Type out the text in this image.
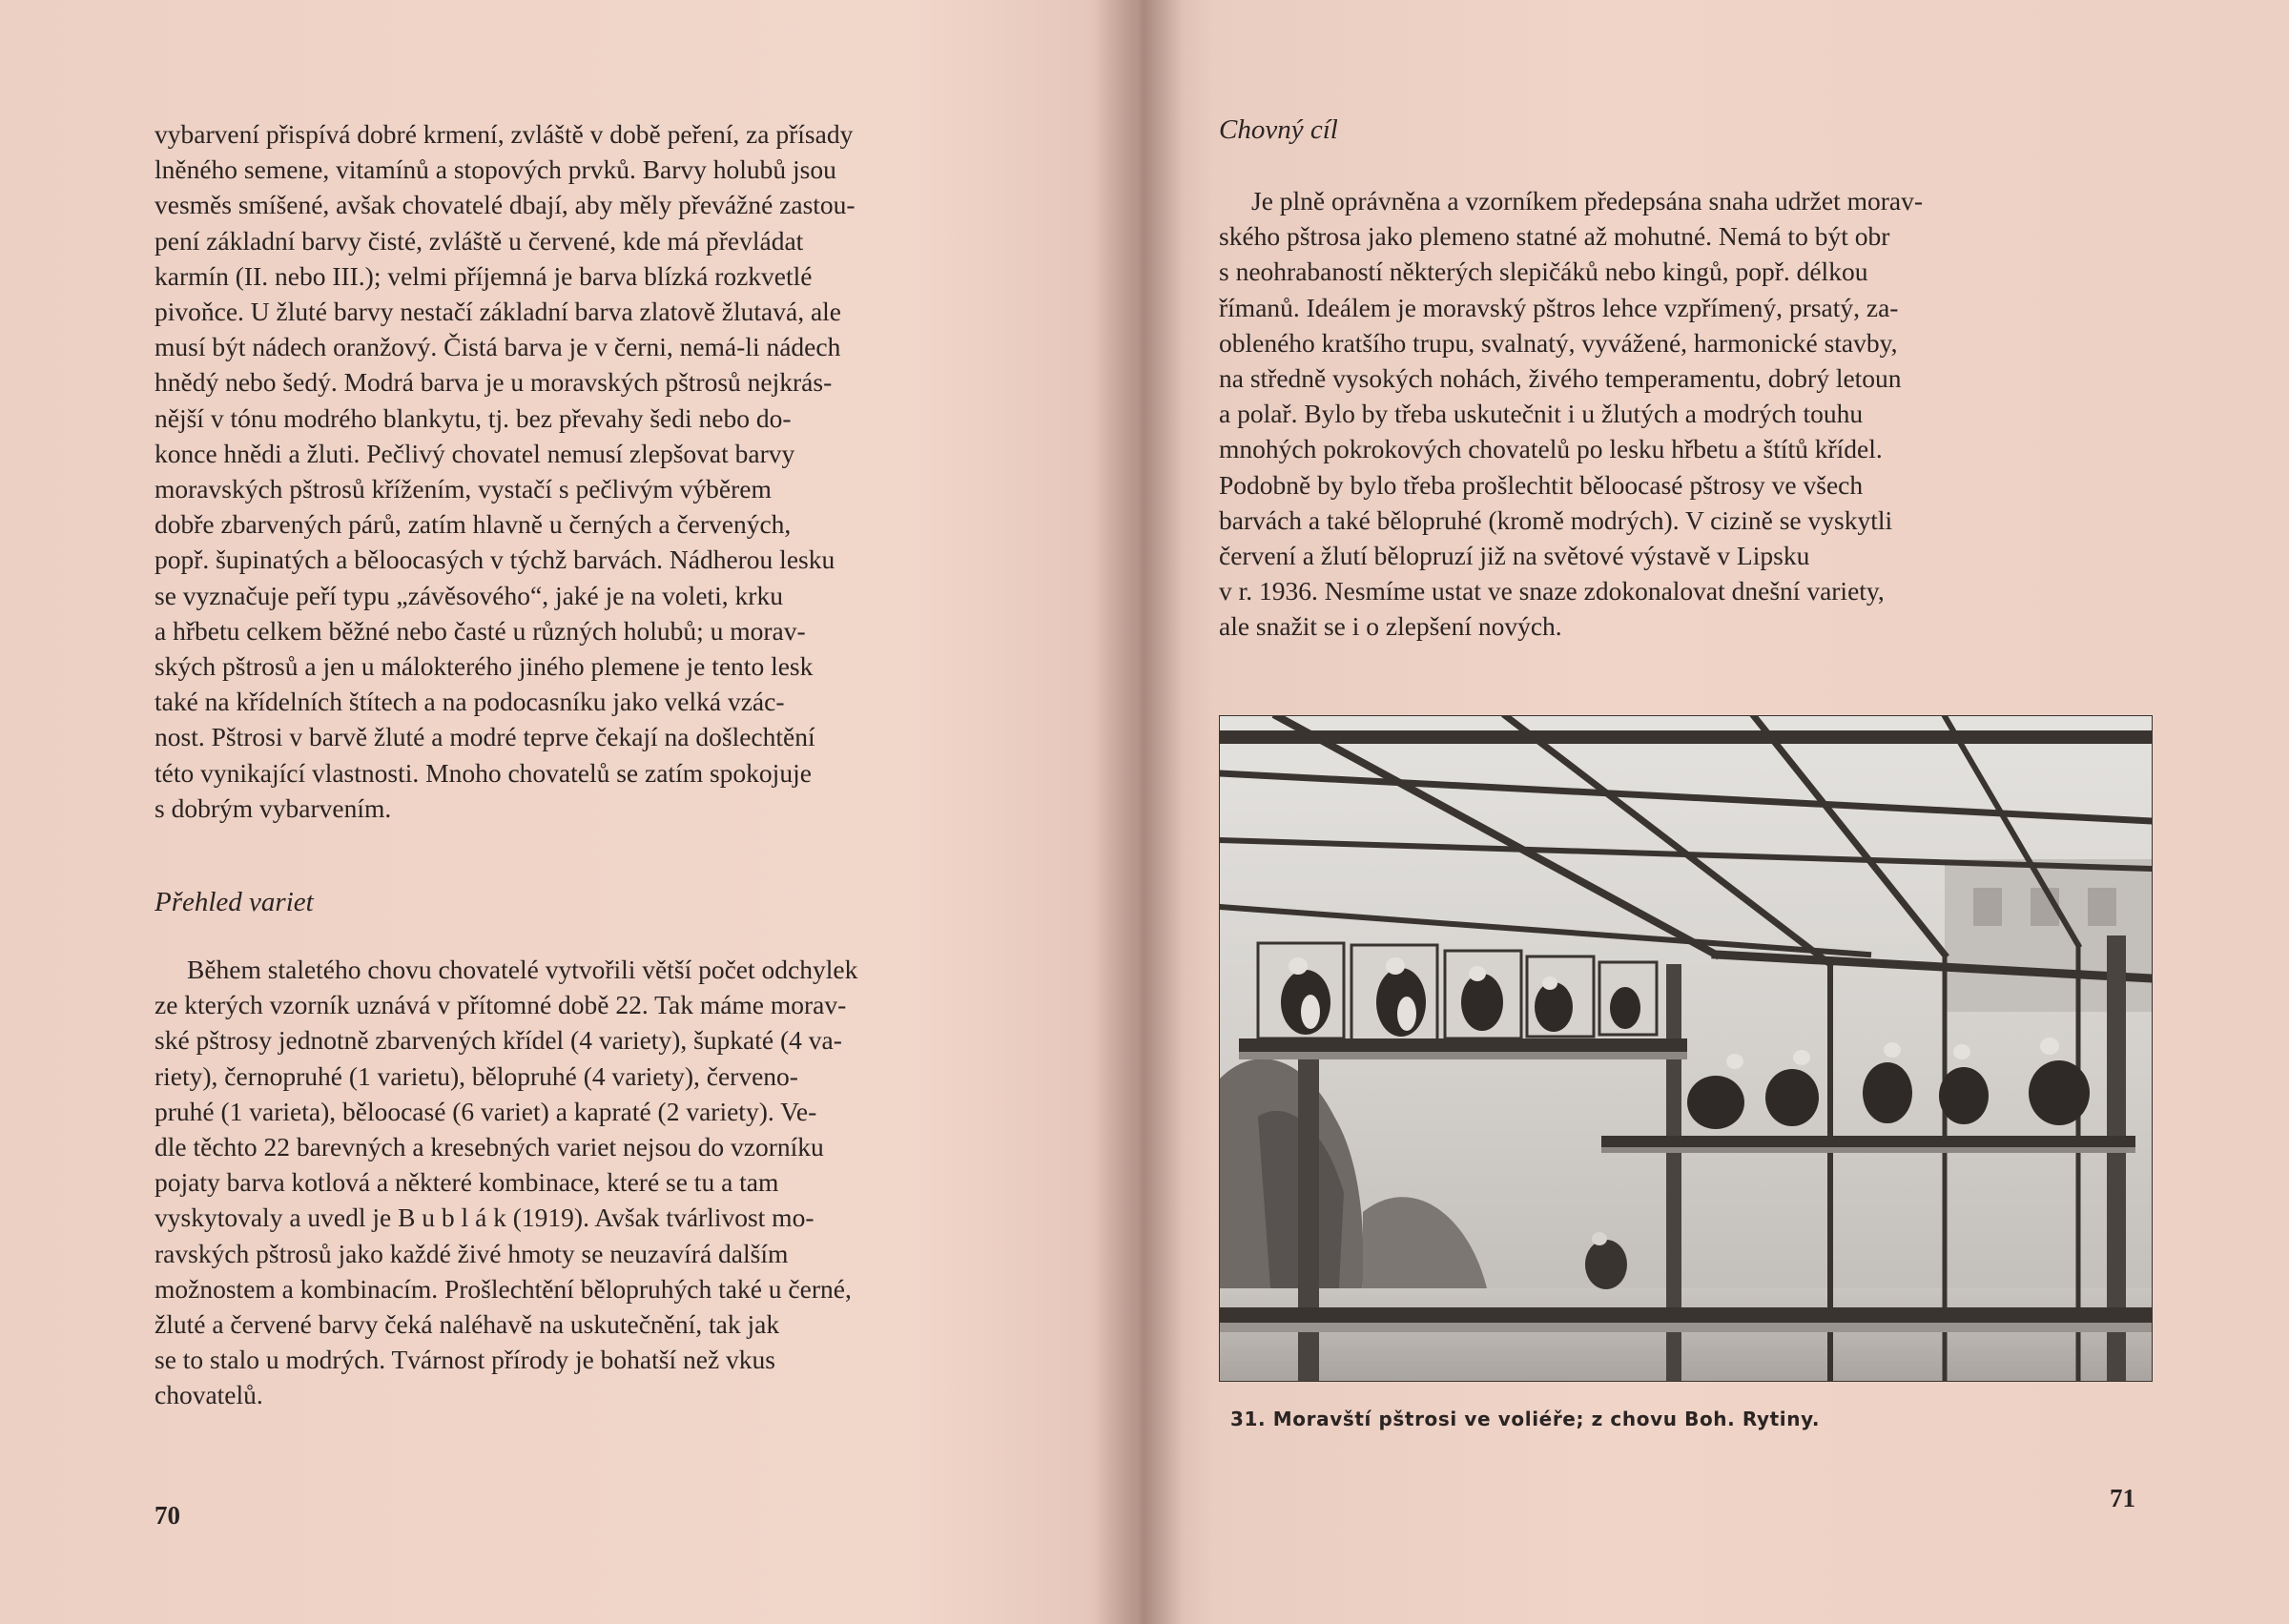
vybarvení přispívá dobré krmení, zvláště v době peření, za přísady

lněného semene, vitamínů a stopových prvků. Barvy holubů jsou

vesměs smíšené, avšak chovatelé dbají, aby měly převážné zastou-

pení základní barvy čisté, zvláště u červené, kde má převládat

karmín (II. nebo III.); velmi příjemná je barva blízká rozkvetlé

pivoňce. U žluté barvy nestačí základní barva zlatově žlutavá, ale

musí být nádech oranžový. Čistá barva je v černi, nemá-li nádech

hnědý nebo šedý. Modrá barva je u moravských pštrosů nejkrás-

nější v tónu modrého blankytu, tj. bez převahy šedi nebo do-

konce hnědi a žluti. Pečlivý chovatel nemusí zlepšovat barvy

moravských pštrosů křížením, vystačí s pečlivým výběrem

dobře zbarvených párů, zatím hlavně u černých a červených,

popř. šupinatých a běloocasých v týchž barvách. Nádherou lesku

se vyznačuje peří typu „závěsového“, jaké je na voleti, krku

a hřbetu celkem běžné nebo časté u různých holubů; u morav-

ských pštrosů a jen u málokterého jiného plemene je tento lesk

také na křídelních štítech a na podocasníku jako velká vzác-

nost. Pštrosi v barvě žluté a modré teprve čekají na došlechtění

této vynikající vlastnosti. Mnoho chovatelů se zatím spokojuje

s dobrým vybarvením.

Přehled variet

Během staletého chovu chovatelé vytvořili větší počet odchylek

ze kterých vzorník uznává v přítomné době 22. Tak máme morav-

ské pštrosy jednotně zbarvených křídel (4 variety), šupkaté (4 va-

riety), černopruhé (1 varietu), bělopruhé (4 variety), červeno-

pruhé (1 varieta), běloocasé (6 variet) a kapraté (2 variety). Ve-

dle těchto 22 barevných a kresebných variet nejsou do vzorníku

pojaty barva kotlová a některé kombinace, které se tu a tam

vyskytovaly a uvedl je B u b l á k (1919). Avšak tvárlivost mo-

ravských pštrosů jako každé živé hmoty se neuzavírá dalším

možnostem a kombinacím. Prošlechtění bělopruhých také u černé,

žluté a červené barvy čeká naléhavě na uskutečnění, tak jak

se to stalo u modrých. Tvárnost přírody je bohatší než vkus

chovatelů.

70
Chovný cíl

Je plně oprávněna a vzorníkem předepsána snaha udržet morav-

ského pštrosa jako plemeno statné až mohutné. Nemá to být obr

s neohrabaností některých slepičáků nebo kingů, popř. délkou

římanů. Ideálem je moravský pštros lehce vzpřímený, prsatý, za-

obleného kratšího trupu, svalnatý, vyvážené, harmonické stavby,

na středně vysokých nohách, živého temperamentu, dobrý letoun

a polař. Bylo by třeba uskutečnit i u žlutých a modrých touhu

mnohých pokrokových chovatelů po lesku hřbetu a štítů křídel.

Podobně by bylo třeba prošlechtit běloocasé pštrosy ve všech

barvách a také bělopruhé (kromě modrých). V cizině se vyskytli

červení a žlutí bělopruzí již na světové výstavě v Lipsku

v r. 1936. Nesmíme ustat ve snaze zdokonalovat dnešní variety,

ale snažit se i o zlepšení nových.

71
31. Moravští pštrosi ve voliéře; z chovu Boh. Rytiny.
